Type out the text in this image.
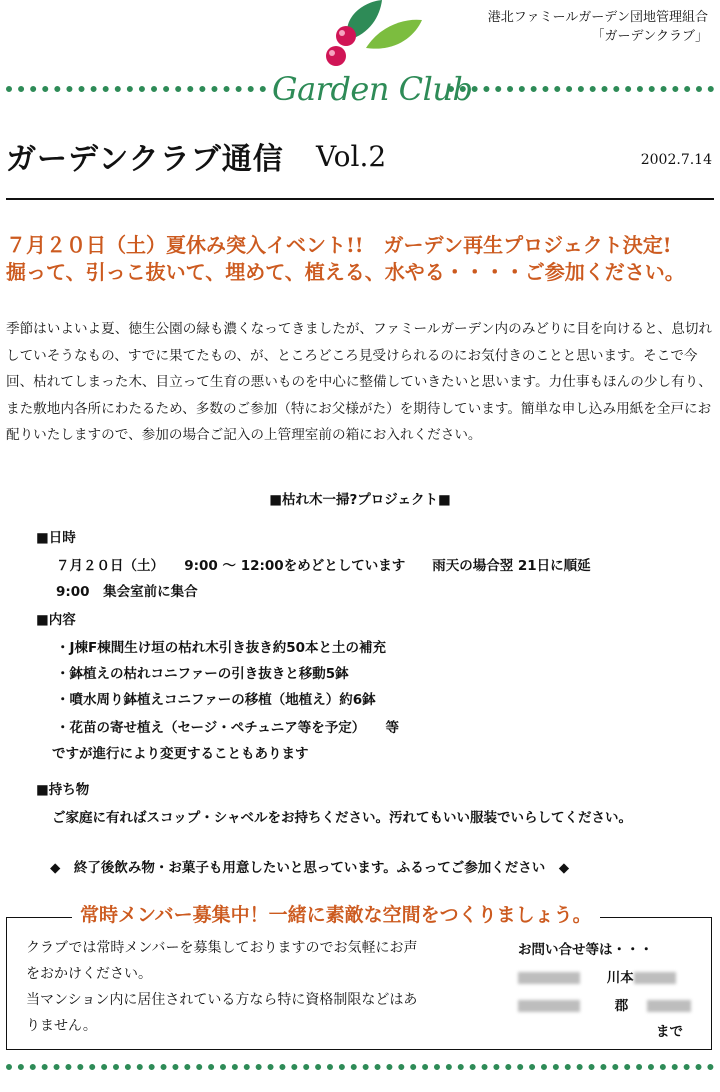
港北ファミールガーデン団地管理組合
「ガーデンクラブ」
Garden Club
ガーデンクラブ通信 Vol.2	2002.7.14
７月２０日（土）夏休み突入イベント!!　ガーデン再生プロジェクト決定!
掘って、引っこ抜いて、埋めて、植える、水やる・・・・ご参加ください。
季節はいよいよ夏、徳生公園の緑も濃くなってきましたが、ファミールガーデン内のみどりに目を向けると、息切れしていそうなもの、すでに果てたもの、が、ところどころ見受けられるのにお気付きのことと思います。そこで今回、枯れてしまった木、目立って生育の悪いものを中心に整備していきたいと思います。力仕事もほんの少し有り、また敷地内各所にわたるため、多数のご参加（特にお父様がた）を期待しています。簡単な申し込み用紙を全戸にお配りいたしますので、参加の場合ご記入の上管理室前の箱にお入れください。
■枯れ木一掃?プロジェクト■
■日時
７月２０日（土）　　9:00 ～ 12:00をめどとしています　　雨天の場合翌 21日に順延
9:00　集会室前に集合
■内容
・J棟F棟間生け垣の枯れ木引き抜き約50本と土の補充
・鉢植えの枯れコニファーの引き抜きと移動5鉢
・噴水周り鉢植えコニファーの移植（地植え）約6鉢
・花苗の寄せ植え（セージ・ペチュニア等を予定）　　等
ですが進行により変更することもあります
■持ち物
ご家庭に有ればスコップ・シャベルをお持ちください。汚れてもいい服装でいらしてください。
◆　終了後飲み物・お菓子も用意したいと思っています。ふるってご参加ください　◆
常時メンバー募集中！一緒に素敵な空間をつくりましょう。
クラブでは常時メンバーを募集しておりますのでお気軽にお声
をおかけください。
当マンション内に居住されている方なら特に資格制限などはあ
りません。
お問い合せ等は・・・
川本
郡
まで
